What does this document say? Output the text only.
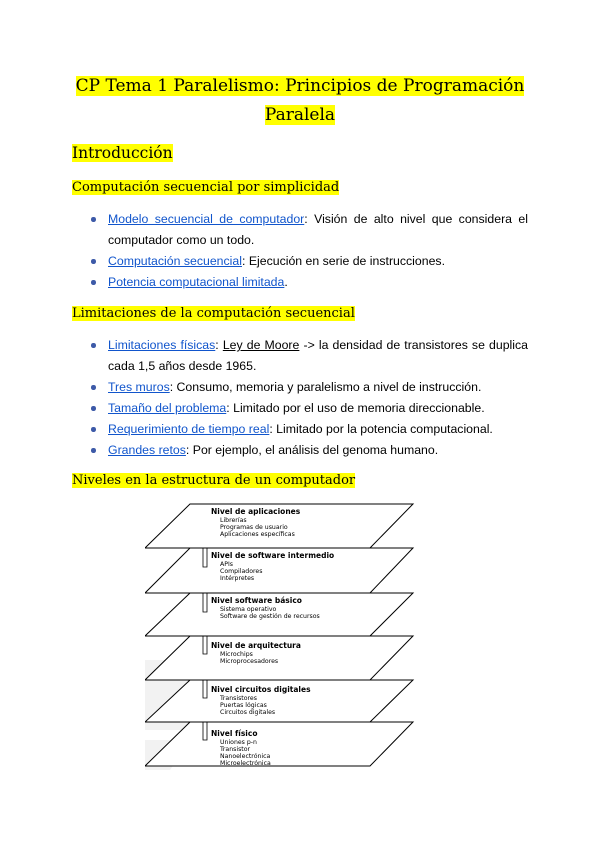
CP Tema 1 Paralelismo: Principios de Programación
Paralela
Introducción
Computación secuencial por simplicidad
Modelo secuencial de computador: Visión de alto nivel que considera el computador como un todo.
Computación secuencial: Ejecución en serie de instrucciones.
Potencia computacional limitada.
Limitaciones de la computación secuencial
Limitaciones físicas: Ley de Moore -> la densidad de transistores se duplica cada 1,5 años desde 1965.
Tres muros: Consumo, memoria y paralelismo a nivel de instrucción.
Tamaño del problema: Limitado por el uso de memoria direccionable.
Requerimiento de tiempo real: Limitado por la potencia computacional.
Grandes retos: Por ejemplo, el análisis del genoma humano.
Niveles en la estructura de un computador
Nivel físico
Uniones p-n
Transistor
Nanoelectrónica
Microelectrónica
Nivel circuitos digitales
Transistores
Puertas lógicas
Circuitos digitales
Nivel de arquitectura
Microchips
Microprocesadores
Nivel software básico
Sistema operativo
Software de gestión de recursos
Nivel de software intermedio
APIs
Compiladores
Intérpretes
Nivel de aplicaciones
Librerías
Programas de usuario
Aplicaciones específicas
